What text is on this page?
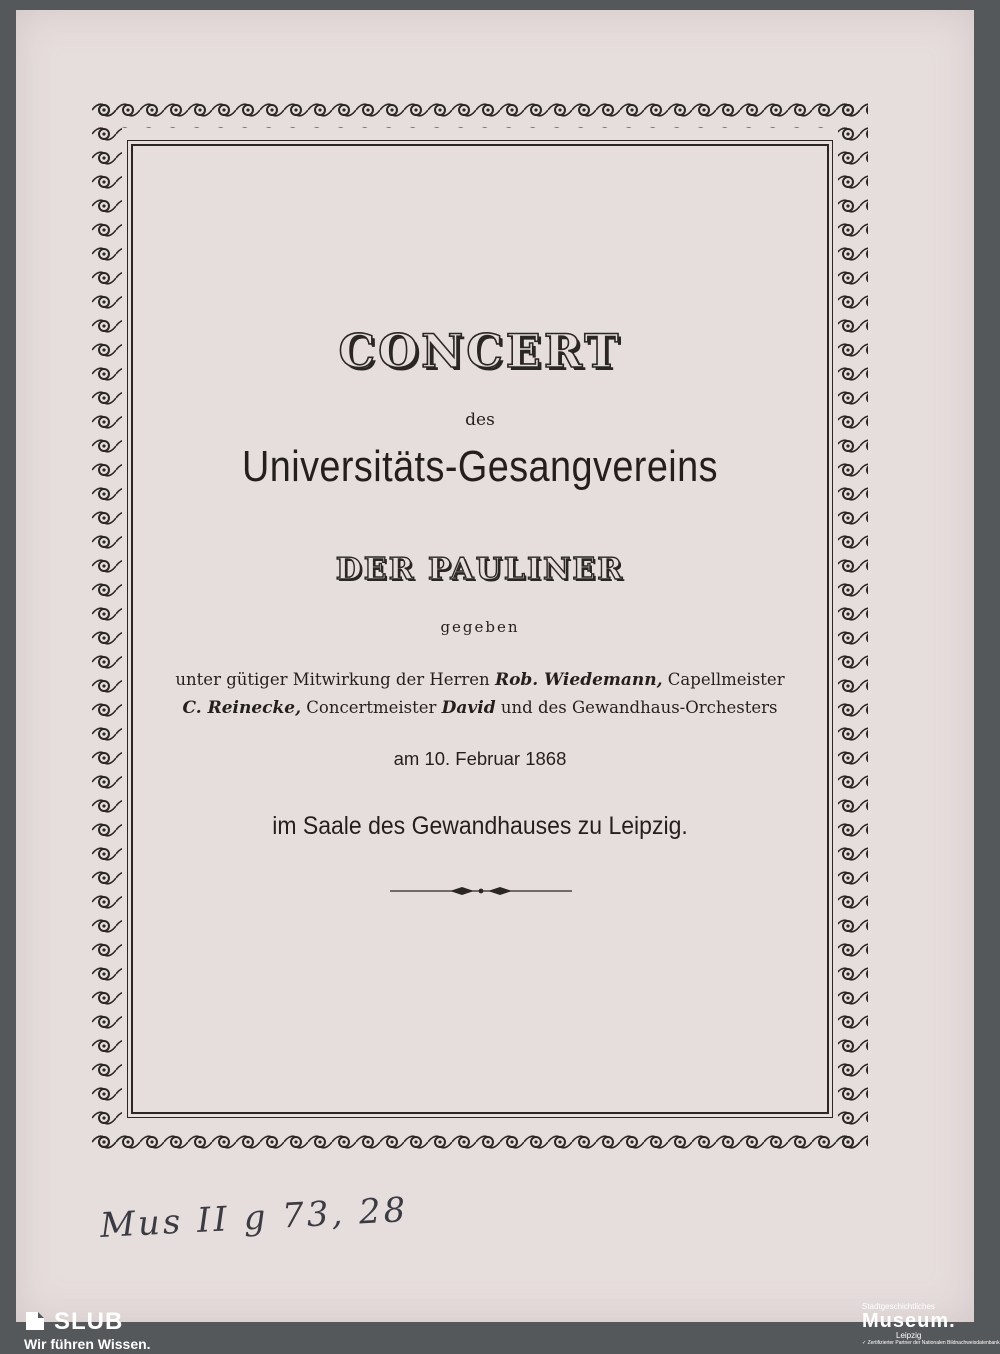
CONCERT
des
Universitäts-Gesangvereins
DER PAULINER
gegeben
unter gütiger Mitwirkung der Herren Rob. Wiedemann, Capellmeister
C. Reinecke, Concertmeister David und des Gewandhaus-Orchesters
am 10. Februar 1868
im Saale des Gewandhauses zu Leipzig.
Mus II g 73, 28
SLUB
Wir führen Wissen.
Stadtgeschichtliches
Museum.
Leipzig
✓ Zertifizierter Partner der Nationalen Bildnachweisdatenbank
